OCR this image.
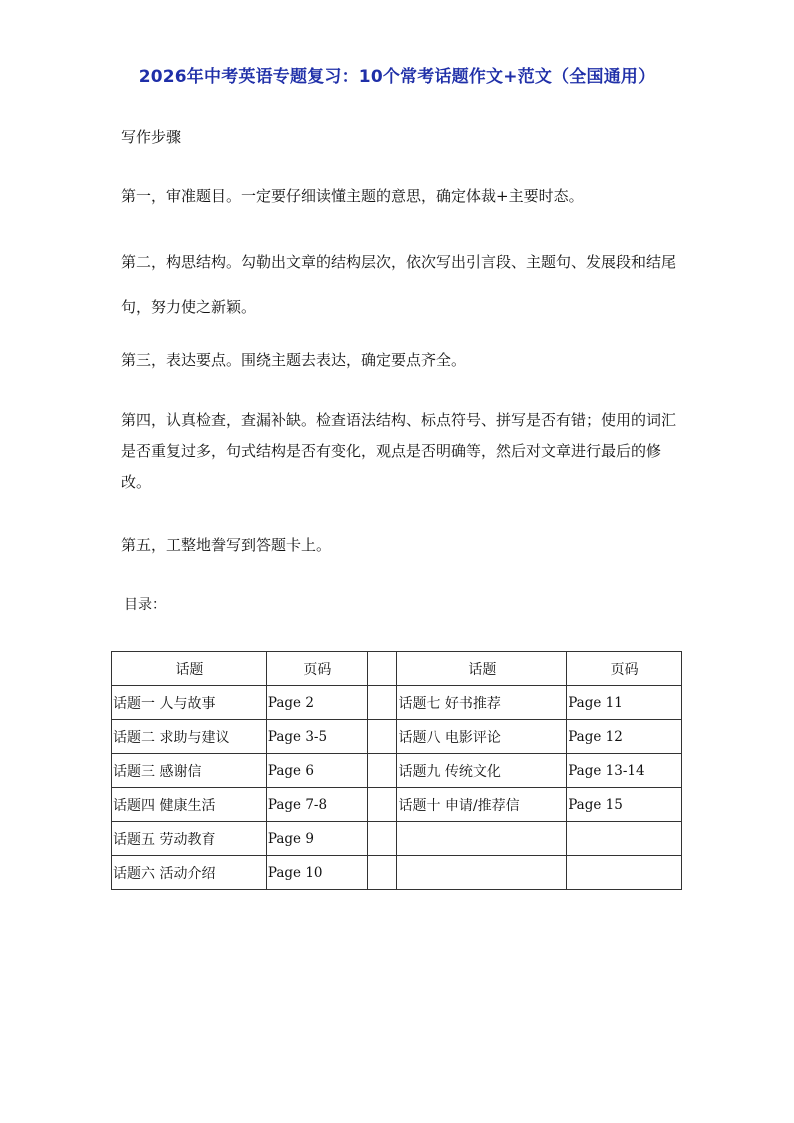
2026年中考英语专题复习：10个常考话题作文+范文（全国通用）
写作步骤
第一，审准题目。一定要仔细读懂主题的意思，确定体裁+主要时态。
第二，构思结构。勾勒出文章的结构层次，依次写出引言段、主题句、发展段和结尾句，努力使之新颖。
第三，表达要点。围绕主题去表达，确定要点齐全。
第四，认真检查，查漏补缺。检查语法结构、标点符号、拼写是否有错；使用的词汇是否重复过多，句式结构是否有变化，观点是否明确等，然后对文章进行最后的修改。
第五，工整地誊写到答题卡上。
目录：
话题	页码		话题	页码
话题一 人与故事	Page 2		话题七 好书推荐	Page 11
话题二 求助与建议	Page 3-5		话题八 电影评论	Page 12
话题三 感谢信	Page 6		话题九 传统文化	Page 13-14
话题四 健康生活	Page 7-8		话题十 申请/推荐信	Page 15
话题五 劳动教育	Page 9			
话题六 活动介绍	Page 10			
